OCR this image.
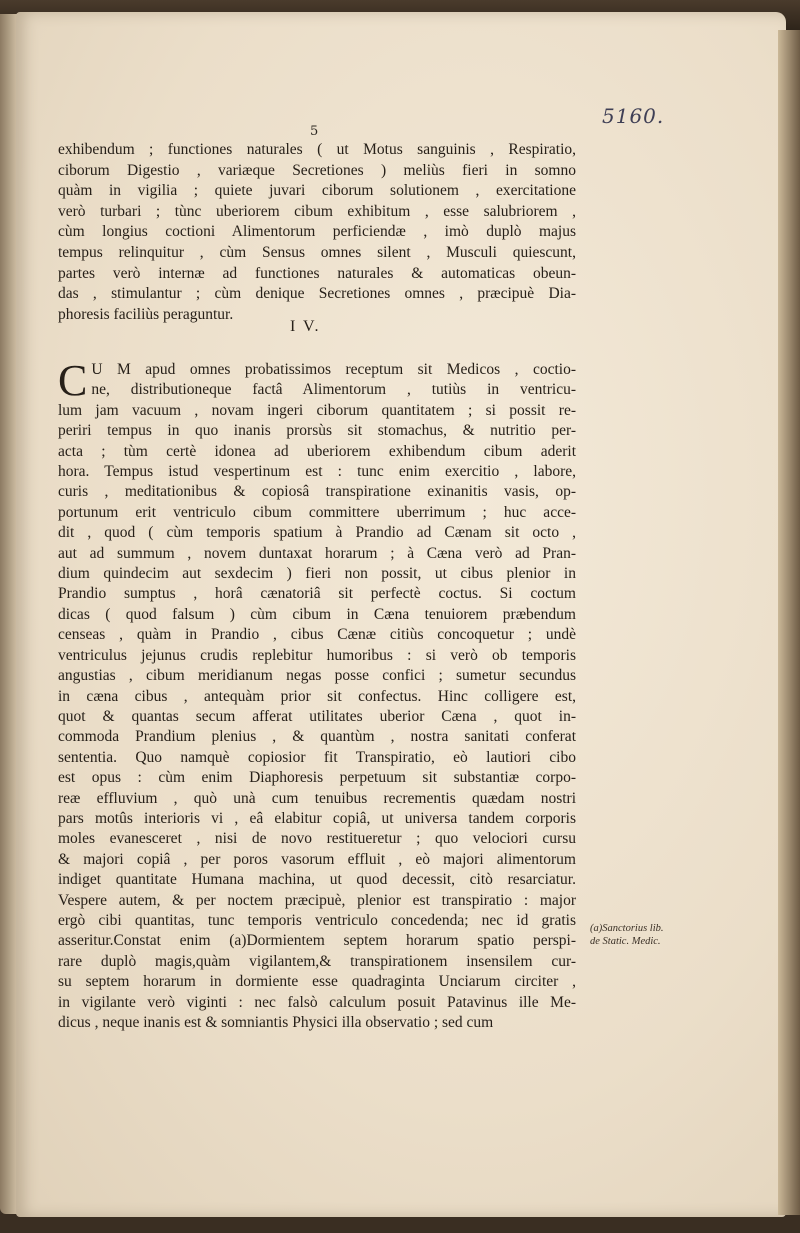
5160.
5
exhibendum ; functiones naturales ( ut Motus sanguinis , Respiratio,
ciborum Digestio , variæque Secretiones ) meliùs fieri in somno
quàm in vigilia ; quiete juvari ciborum solutionem , exercitatione
verò turbari ; tùnc uberiorem cibum exhibitum , esse salubriorem ,
cùm longius coctioni Alimentorum perficiendæ , imò duplò majus
tempus relinquitur , cùm Sensus omnes silent , Musculi quiescunt,
partes verò internæ ad functiones naturales & automaticas obeun-
das , stimulantur ; cùm denique Secretiones omnes , præcipuè Dia-
phoresis faciliùs peraguntur.
I V.
C U M apud omnes probatissimos receptum sit Medicos , coctio-
ne, distributioneque factâ Alimentorum , tutiùs in ventricu-
lum jam vacuum , novam ingeri ciborum quantitatem ; si possit re-
periri tempus in quo inanis prorsùs sit stomachus, & nutritio per-
acta ; tùm certè idonea ad uberiorem exhibendum cibum aderit
hora. Tempus istud vespertinum est : tunc enim exercitio , labore,
curis , meditationibus & copiosâ transpiratione exinanitis vasis, op-
portunum erit ventriculo cibum committere uberrimum ; huc acce-
dit , quod ( cùm temporis spatium à Prandio ad Cænam sit octo ,
aut ad summum , novem duntaxat horarum ; à Cæna verò ad Pran-
dium quindecim aut sexdecim ) fieri non possit, ut cibus plenior in
Prandio sumptus , horâ cænatoriâ sit perfectè coctus. Si coctum
dicas ( quod falsum ) cùm cibum in Cæna tenuiorem præbendum
censeas , quàm in Prandio , cibus Cænæ citiùs concoquetur ; undè
ventriculus jejunus crudis replebitur humoribus : si verò ob temporis
angustias , cibum meridianum negas posse confici ; sumetur secundus
in cæna cibus , antequàm prior sit confectus. Hinc colligere est,
quot & quantas secum afferat utilitates uberior Cæna , quot in-
commoda Prandium plenius , & quantùm , nostra sanitati conferat
sententia. Quo namquè copiosior fit Transpiratio, eò lautiori cibo
est opus : cùm enim Diaphoresis perpetuum sit substantiæ corpo-
reæ effluvium , quò unà cum tenuibus recrementis quædam nostri
pars motûs interioris vi , eâ elabitur copiâ, ut universa tandem corporis
moles evanesceret , nisi de novo restitueretur ; quo velociori cursu
& majori copiâ , per poros vasorum effluit , eò majori alimentorum
indiget quantitate Humana machina, ut quod decessit, citò resarciatur.
Vespere autem, & per noctem præcipuè, plenior est transpiratio : major
ergò cibi quantitas, tunc temporis ventriculo concedenda; nec id gratis
asseritur.Constat enim (a)Dormientem septem horarum spatio perspi-
rare duplò magis,quàm vigilantem,& transpirationem insensilem cur-
su septem horarum in dormiente esse quadraginta Unciarum circiter ,
in vigilante verò viginti : nec falsò calculum posuit Patavinus ille Me-
dicus , neque inanis est & somniantis Physici illa observatio ; sed cum
(a)Sanctorius lib.
de Static. Medic.
